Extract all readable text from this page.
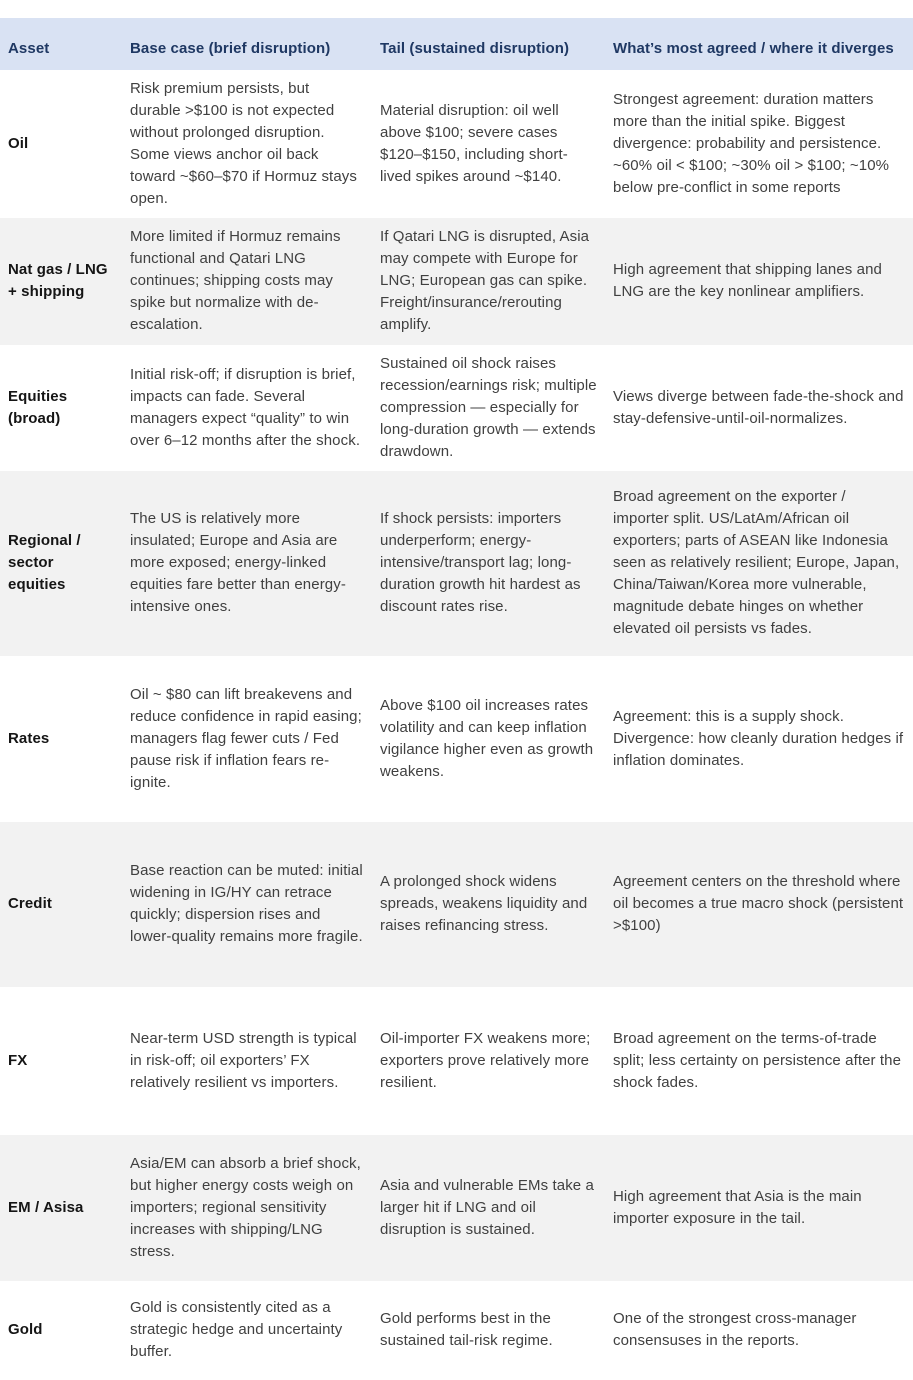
Asset	Base case (brief disruption)	Tail (sustained disruption)	What’s most agreed / where it diverges
Oil	Risk premium persists, but durable >$100 is not expected without prolonged disruption. Some views anchor oil back toward ~$60–$70 if Hormuz stays open.	Material disruption: oil well above $100; severe cases $120–$150, including short-lived spikes around ~$140.	Strongest agreement: duration matters more than the initial spike. Biggest divergence: probability and persistence. ~60% oil < $100; ~30% oil > $100; ~10% below pre-conflict in some reports
Nat gas / LNG + shipping	More limited if Hormuz remains functional and Qatari LNG continues; shipping costs may spike but normalize with de-escalation.	If Qatari LNG is disrupted, Asia may compete with Europe for LNG; European gas can spike. Freight/insurance/rerouting amplify.	High agreement that shipping lanes and LNG are the key nonlinear amplifiers.
Equities (broad)	Initial risk-off; if disruption is brief, impacts can fade. Several managers expect “quality” to win over 6–12 months after the shock.	Sustained oil shock raises recession/earnings risk; multiple compression — especially for long-duration growth — extends drawdown.	Views diverge between fade-the-shock and stay-defensive-until-oil-normalizes.
Regional / sector equities	The US is relatively more insulated; Europe and Asia are more exposed; energy-linked equities fare better than energy-intensive ones.	If shock persists: importers underperform; energy-intensive/transport lag; long-duration growth hit hardest as discount rates rise.	Broad agreement on the exporter / importer split. US/LatAm/African oil exporters; parts of ASEAN like Indonesia seen as relatively resilient; Europe, Japan, China/Taiwan/Korea more vulnerable, magnitude debate hinges on whether elevated oil persists vs fades.
Rates	Oil ~ $80 can lift breakevens and reduce confidence in rapid easing; managers flag fewer cuts / Fed pause risk if inflation fears re-ignite.	Above $100 oil increases rates volatility and can keep inflation vigilance higher even as growth weakens.	Agreement: this is a supply shock. Divergence: how cleanly duration hedges if inflation dominates.
Credit	Base reaction can be muted: initial widening in IG/HY can retrace quickly; dispersion rises and lower-quality remains more fragile.	A prolonged shock widens spreads, weakens liquidity and raises refinancing stress.	Agreement centers on the threshold where oil becomes a true macro shock (persistent >$100)
FX	Near-term USD strength is typical in risk-off; oil exporters’ FX relatively resilient vs importers.	Oil-importer FX weakens more; exporters prove relatively more resilient.	Broad agreement on the terms-of-trade split; less certainty on persistence after the shock fades.
EM / Asisa	Asia/EM can absorb a brief shock, but higher energy costs weigh on importers; regional sensitivity increases with shipping/LNG stress.	Asia and vulnerable EMs take a larger hit if LNG and oil disruption is sustained.	High agreement that Asia is the main importer exposure in the tail.
Gold	Gold is consistently cited as a strategic hedge and uncertainty buffer.	Gold performs best in the sustained tail-risk regime.	One of the strongest cross-manager consensuses in the reports.
